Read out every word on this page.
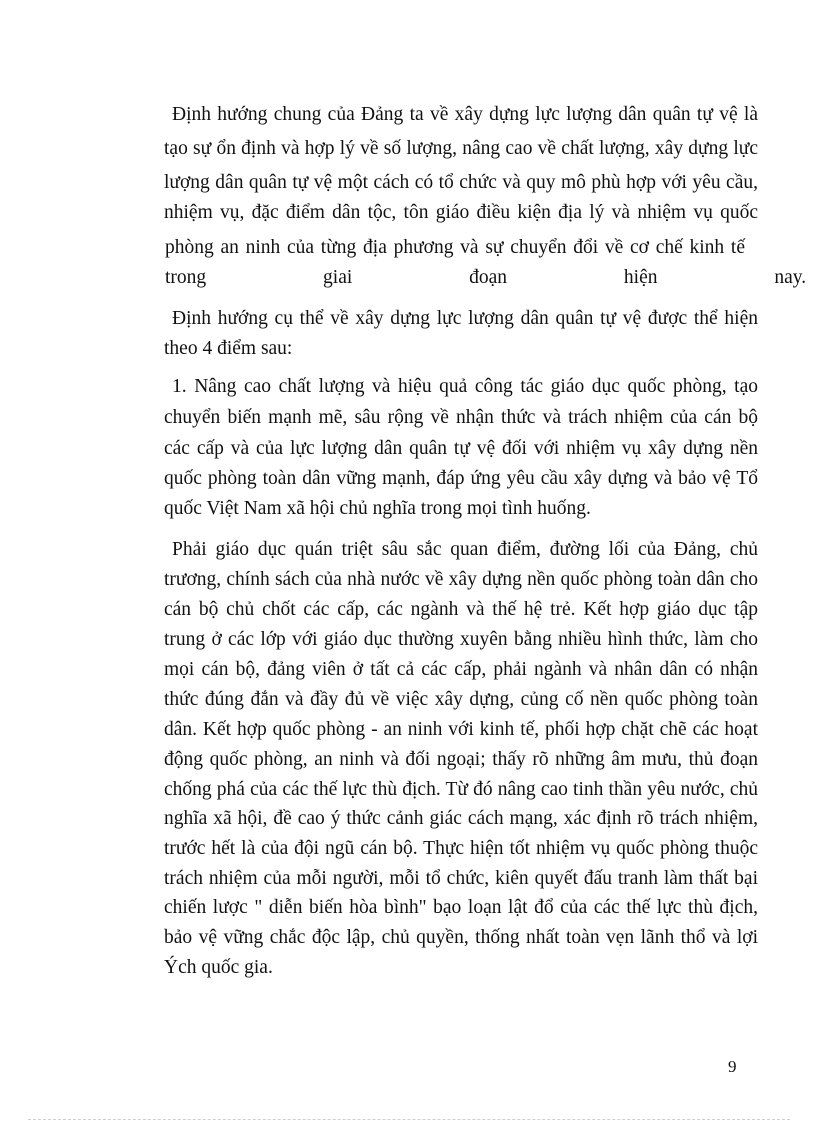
Định hướng chung của Đảng ta về xây dựng lực lượng dân quân tự vệ là
tạo sự ổn định và hợp lý về số lượng, nâng cao về chất lượng, xây dựng lực
lượng dân quân tự vệ một cách có tổ chức và quy mô phù hợp với yêu cầu,
nhiệm vụ, đặc điểm dân tộc, tôn giáo điều kiện địa lý và nhiệm vụ quốc
phòng an ninh của từng địa phương và sự chuyển đổi về cơ chế kinh tế
trong giai đoạn hiện nay.
Định hướng cụ thể về xây dựng lực lượng dân quân tự vệ được thể hiện
theo 4 điểm sau:
1. Nâng cao chất lượng và hiệu quả công tác giáo dục quốc phòng, tạo
chuyển biến mạnh mẽ, sâu rộng về nhận thức và trách nhiệm của cán bộ
các cấp và của lực lượng dân quân tự vệ đối với nhiệm vụ xây dựng nền
quốc phòng toàn dân vững mạnh, đáp ứng yêu cầu xây dựng và bảo vệ Tổ
quốc Việt Nam xã hội chủ nghĩa trong mọi tình huống.
Phải giáo dục quán triệt sâu sắc quan điểm, đường lối của Đảng, chủ
trương, chính sách của nhà nước về xây dựng nền quốc phòng toàn dân cho
cán bộ chủ chốt các cấp, các ngành và thế hệ trẻ. Kết hợp giáo dục tập
trung ở các lớp với giáo dục thường xuyên bằng nhiều hình thức, làm cho
mọi cán bộ, đảng viên ở tất cả các cấp, phải ngành và nhân dân có nhận
thức đúng đắn và đầy đủ về việc xây dựng, củng cố nền quốc phòng toàn
dân. Kết hợp quốc phòng - an ninh với kinh tế, phối hợp chặt chẽ các hoạt
động quốc phòng, an ninh và đối ngoại; thấy rõ những âm mưu, thủ đoạn
chống phá của các thế lực thù địch. Từ đó nâng cao tinh thần yêu nước, chủ
nghĩa xã hội, đề cao ý thức cảnh giác cách mạng, xác định rõ trách nhiệm,
trước hết là của đội ngũ cán bộ. Thực hiện tốt nhiệm vụ quốc phòng thuộc
trách nhiệm của mỗi người, mỗi tổ chức, kiên quyết đấu tranh làm thất bại
chiến lược " diễn biến hòa bình" bạo loạn lật đổ của các thế lực thù địch,
bảo vệ vững chắc độc lập, chủ quyền, thống nhất toàn vẹn lãnh thổ và lợi
Ých quốc gia.
9
